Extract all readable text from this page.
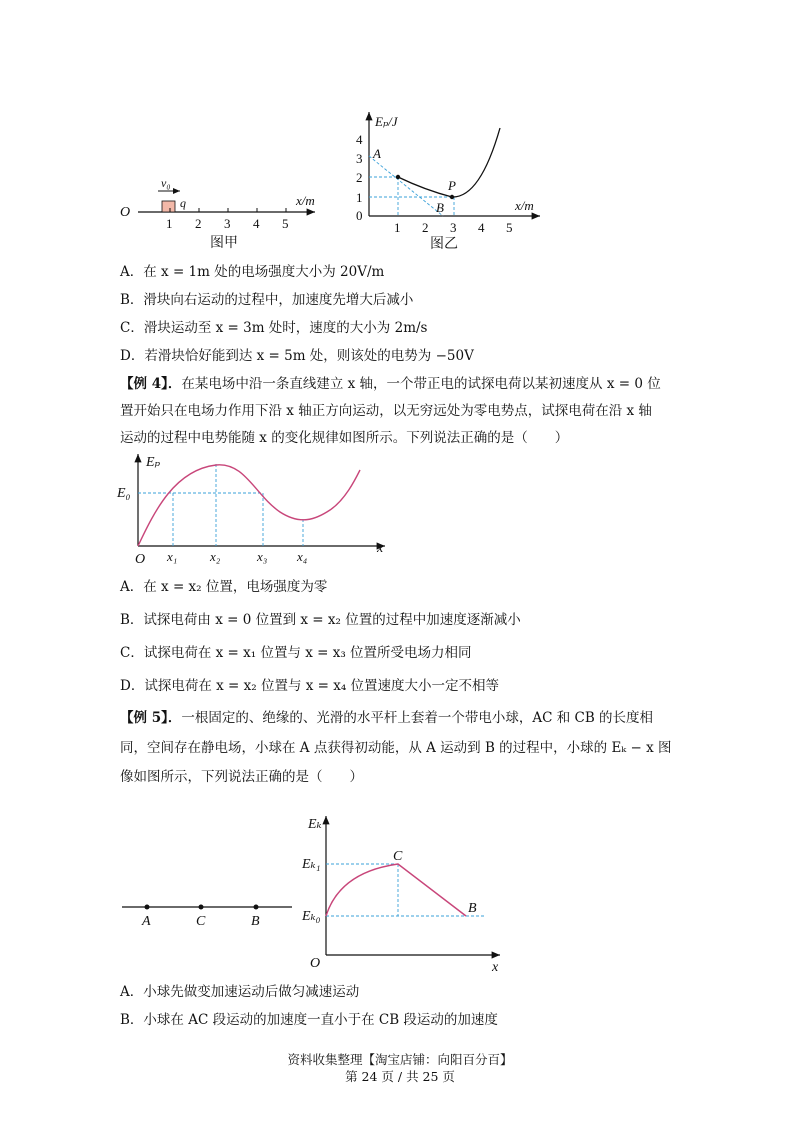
O
v₀
q	x/m
1 2 3 4 5
图甲
Eₚ/J
x/m
0
1
2
3
4
1 2 3 4 5
A
P
B
图乙
A．在 x = 1m 处的电场强度大小为 20V/m
B．滑块向右运动的过程中，加速度先增大后减小
C．滑块运动至 x = 3m 处时，速度的大小为 2m/s
D．若滑块恰好能到达 x = 5m 处，则该处的电势为 −50V
【例 4】．在某电场中沿一条直线建立 x 轴，一个带正电的试探电荷以某初速度从 x = 0 位
置开始只在电场力作用下沿 x 轴正方向运动，以无穷远处为零电势点，试探电荷在沿 x 轴
运动的过程中电势能随 x 的变化规律如图所示。下列说法正确的是（　　）
Eₚ
x
O
E₀
x₁	x₂	x₃ x₄
A．在 x = x₂ 位置，电场强度为零
B．试探电荷由 x = 0 位置到 x = x₂ 位置的过程中加速度逐渐减小
C．试探电荷在 x = x₁ 位置与 x = x₃ 位置所受电场力相同
D．试探电荷在 x = x₂ 位置与 x = x₄ 位置速度大小一定不相等
【例 5】．一根固定的、绝缘的、光滑的水平杆上套着一个带电小球，AC 和 CB 的长度相
同，空间存在静电场，小球在 A 点获得初动能，从 A 运动到 B 的过程中，小球的 Eₖ − x 图
像如图所示，下列说法正确的是（　　）
A	C	B
Eₖ
x
O
Eₖ₁
Eₖ₀
C
B
A．小球先做变加速运动后做匀减速运动
B．小球在 AC 段运动的加速度一直小于在 CB 段运动的加速度
资料收集整理【淘宝店铺：向阳百分百】
第 24 页 / 共 25 页
